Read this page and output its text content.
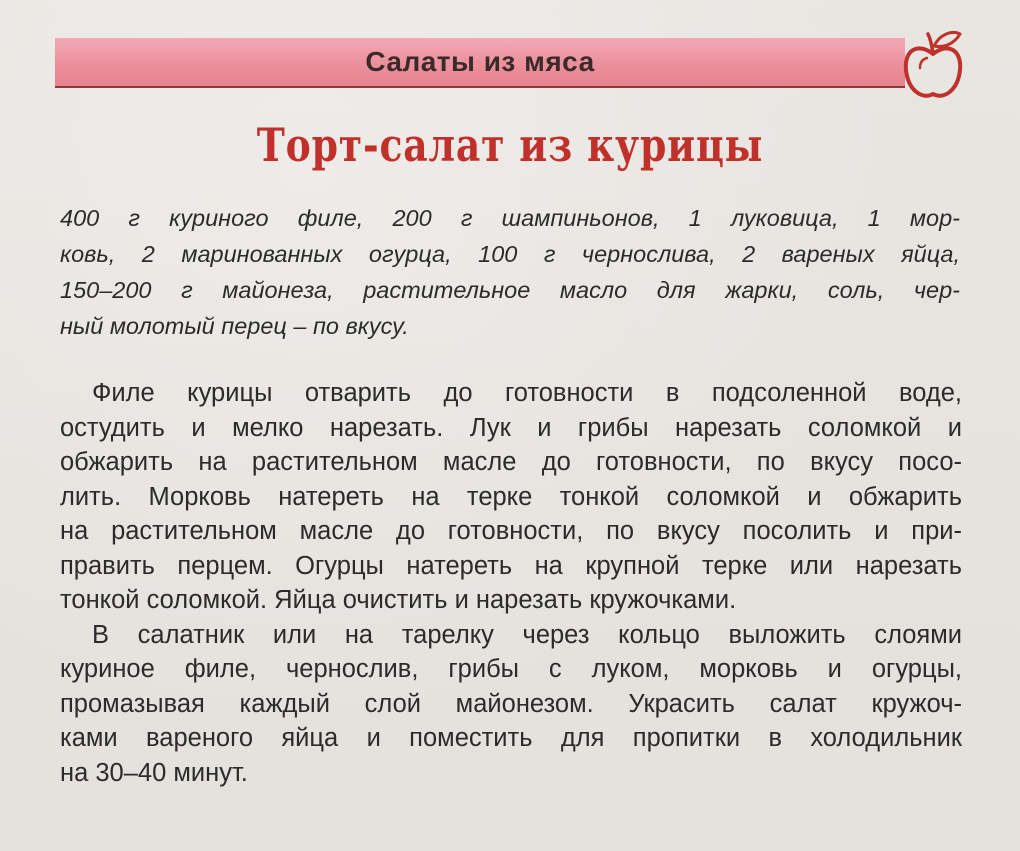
Салаты из мяса
Торт-салат из курицы
400 г куриного филе, 200 г шампиньонов, 1 луковица, 1 мор-
ковь, 2 маринованных огурца, 100 г чернослива, 2 вареных яйца,
150–200 г майонеза, растительное масло для жарки, соль, чер-
ный молотый перец – по вкусу.
Филе курицы отварить до готовности в подсоленной воде,
остудить и мелко нарезать. Лук и грибы нарезать соломкой и
обжарить на растительном масле до готовности, по вкусу посо-
лить. Морковь натереть на терке тонкой соломкой и обжарить
на растительном масле до готовности, по вкусу посолить и при-
править перцем. Огурцы натереть на крупной терке или нарезать
тонкой соломкой. Яйца очистить и нарезать кружочками.
В салатник или на тарелку через кольцо выложить слоями
куриное филе, чернослив, грибы с луком, морковь и огурцы,
промазывая каждый слой майонезом. Украсить салат кружоч-
ками вареного яйца и поместить для пропитки в холодильник
на 30–40 минут.
